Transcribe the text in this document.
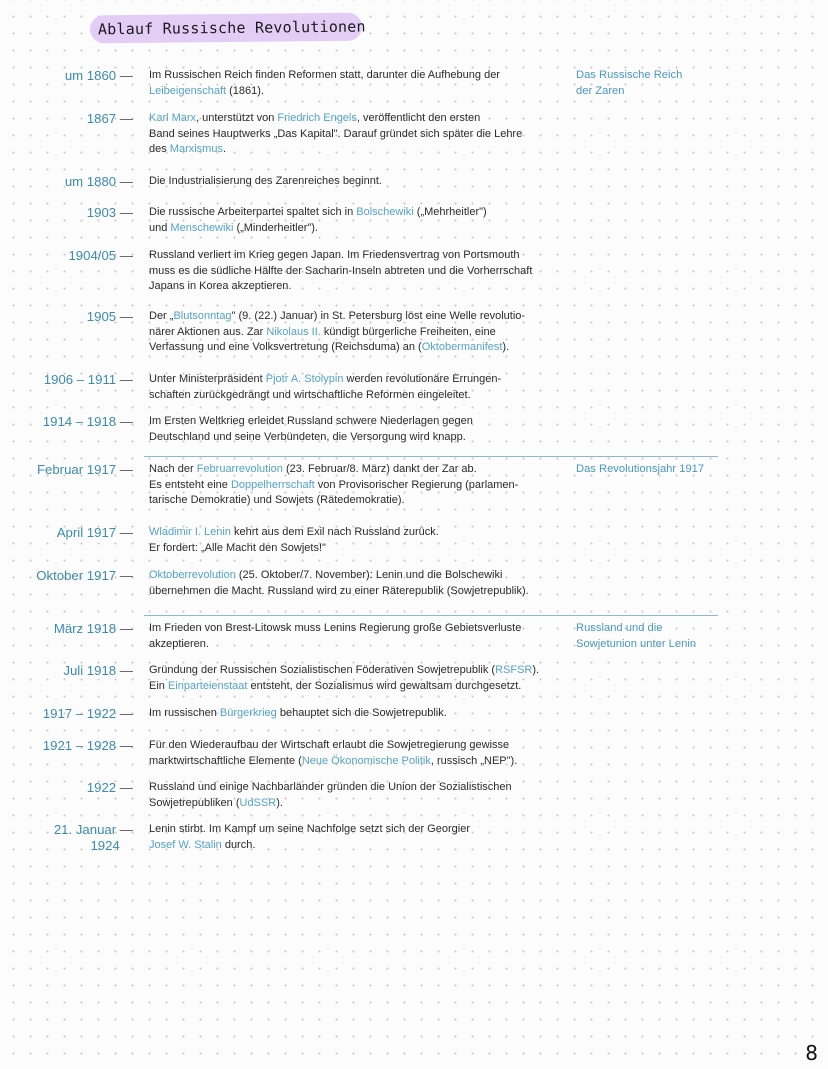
Ablauf Russische Revolutionen
um 1860 — Im Russischen Reich finden Reformen statt, darunter die Aufhebung der
Leibeigenschaft (1861).
1867 — Karl Marx, unterstützt von Friedrich Engels, veröffentlicht den ersten
Band seines Hauptwerks „Das Kapital". Darauf gründet sich später die Lehre
des Marxismus.
um 1880 — Die Industrialisierung des Zarenreiches beginnt.
1903 — Die russische Arbeiterpartei spaltet sich in Bolschewiki („Mehrheitler")
und Menschewiki („Minderheitler").
1904/05 — Russland verliert im Krieg gegen Japan. Im Friedensvertrag von Portsmouth
muss es die südliche Hälfte der Sacharin-Inseln abtreten und die Vorherrschaft
Japans in Korea akzeptieren.
1905 — Der „Blutsonntag" (9. (22.) Januar) in St. Petersburg löst eine Welle revolutio-
närer Aktionen aus. Zar Nikolaus II. kündigt bürgerliche Freiheiten, eine
Verfassung und eine Volksvertretung (Reichsduma) an (Oktobermanifest).
1906 – 1911 — Unter Ministerpräsident Pjotr A. Stolypin werden revolutionäre Errungen-
schaften zurückgedrängt und wirtschaftliche Reformen eingeleitet.
1914 – 1918 — Im Ersten Weltkrieg erleidet Russland schwere Niederlagen gegen
Deutschland und seine Verbündeten, die Versorgung wird knapp.
Februar 1917 — Nach der Februarrevolution (23. Februar/8. März) dankt der Zar ab.
Es entsteht eine Doppelherrschaft von Provisorischer Regierung (parlamen-
tarische Demokratie) und Sowjets (Rätedemokratie).
April 1917 — Wladimir I. Lenin kehrt aus dem Exil nach Russland zurück.
Er fordert: „Alle Macht den Sowjets!"
Oktober 1917 — Oktoberrevolution (25. Oktober/7. November): Lenin und die Bolschewiki
übernehmen die Macht. Russland wird zu einer Räterepublik (Sowjetrepublik).
März 1918 — Im Frieden von Brest-Litowsk muss Lenins Regierung große Gebietsverluste
akzeptieren.
Juli 1918 — Gründung der Russischen Sozialistischen Föderativen Sowjetrepublik (RSFSR).
Ein Einparteienstaat entsteht, der Sozialismus wird gewaltsam durchgesetzt.
1917 – 1922 — Im russischen Bürgerkrieg behauptet sich die Sowjetrepublik.
1921 – 1928 — Für den Wiederaufbau der Wirtschaft erlaubt die Sowjetregierung gewisse
marktwirtschaftliche Elemente (Neue Ökonomische Politik, russisch „NEP").
1922 — Russland und einige Nachbarländer gründen die Union der Sozialistischen
Sowjetrepubliken (UdSSR).
21. Januar —
1924 
Lenin stirbt. Im Kampf um seine Nachfolge setzt sich der Georgier
Josef W. Stalin durch.
Das Russische Reich
der Zaren
Das Revolutionsjahr 1917
Russland und die
Sowjetunion unter Lenin
8
